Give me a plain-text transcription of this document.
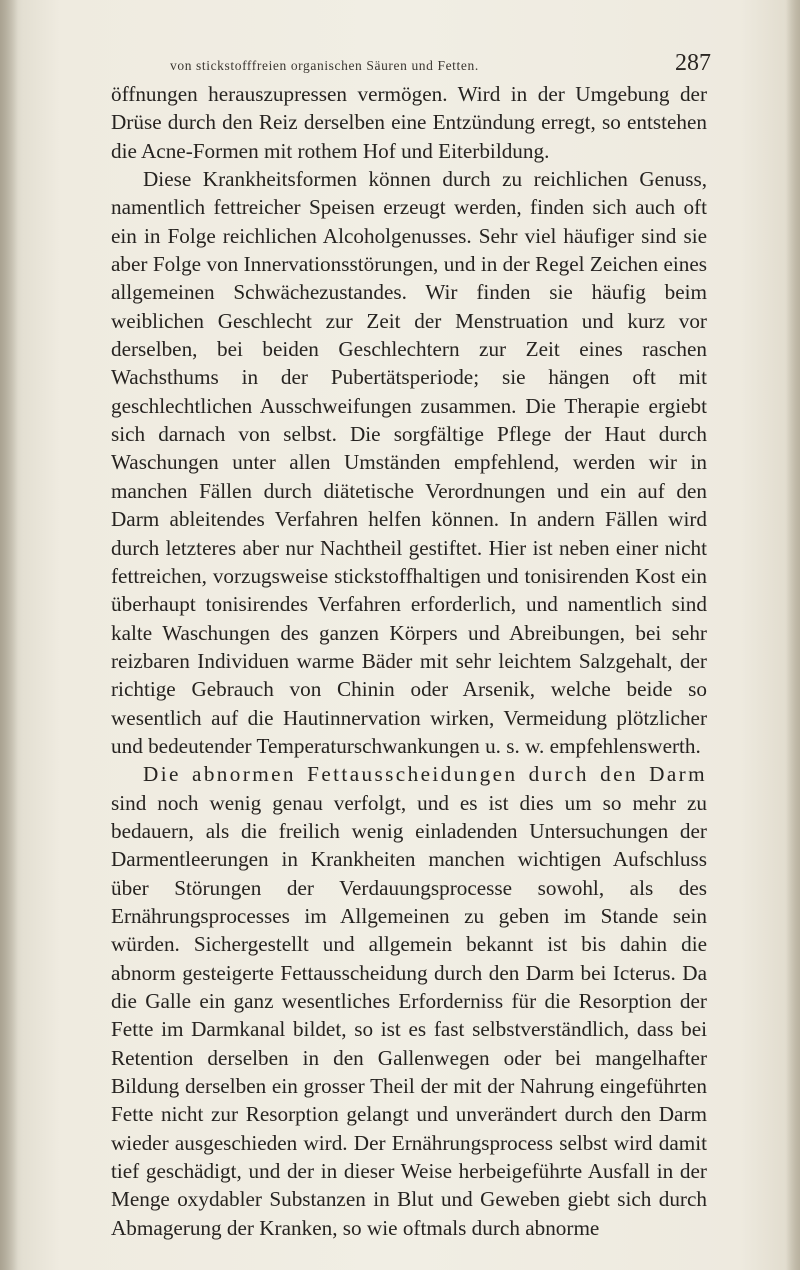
von stickstofffreien organischen Säuren und Fetten.	287

öffnungen herauszupressen vermögen. Wird in der Umgebung der Drüse durch den Reiz derselben eine Entzündung erregt, so entstehen die Acne-Formen mit rothem Hof und Eiterbildung.

Diese Krankheitsformen können durch zu reichlichen Genuss, namentlich fettreicher Speisen erzeugt werden, finden sich auch oft ein in Folge reichlichen Alcoholgenusses. Sehr viel häufiger sind sie aber Folge von Innervationsstörungen, und in der Regel Zeichen eines allgemeinen Schwächezustandes. Wir finden sie häufig beim weiblichen Geschlecht zur Zeit der Menstruation und kurz vor derselben, bei beiden Geschlechtern zur Zeit eines raschen Wachsthums in der Pubertätsperiode; sie hängen oft mit geschlechtlichen Ausschweifungen zusammen. Die Therapie ergiebt sich darnach von selbst. Die sorgfältige Pflege der Haut durch Waschungen unter allen Umständen empfehlend, werden wir in manchen Fällen durch diätetische Verordnungen und ein auf den Darm ableitendes Verfahren helfen können. In andern Fällen wird durch letzteres aber nur Nachtheil gestiftet. Hier ist neben einer nicht fettreichen, vorzugsweise stickstoffhaltigen und tonisirenden Kost ein überhaupt tonisirendes Verfahren erforderlich, und namentlich sind kalte Waschungen des ganzen Körpers und Abreibungen, bei sehr reizbaren Individuen warme Bäder mit sehr leichtem Salzgehalt, der richtige Gebrauch von Chinin oder Arsenik, welche beide so wesentlich auf die Hautinnervation wirken, Vermeidung plötzlicher und bedeutender Temperaturschwankungen u. s. w. empfehlenswerth.

Die abnormen Fettausscheidungen durch den Darm sind noch wenig genau verfolgt, und es ist dies um so mehr zu bedauern, als die freilich wenig einladenden Untersuchungen der Darmentleerungen in Krankheiten manchen wichtigen Aufschluss über Störungen der Verdauungsprocesse sowohl, als des Ernährungsprocesses im Allgemeinen zu geben im Stande sein würden. Sichergestellt und allgemein bekannt ist bis dahin die abnorm gesteigerte Fettausscheidung durch den Darm bei Icterus. Da die Galle ein ganz wesentliches Erforderniss für die Resorption der Fette im Darmkanal bildet, so ist es fast selbstverständlich, dass bei Retention derselben in den Gallenwegen oder bei mangelhafter Bildung derselben ein grosser Theil der mit der Nahrung eingeführten Fette nicht zur Resorption gelangt und unverändert durch den Darm wieder ausgeschieden wird. Der Ernährungsprocess selbst wird damit tief geschädigt, und der in dieser Weise herbeigeführte Ausfall in der Menge oxydabler Substanzen in Blut und Geweben giebt sich durch Abmagerung der Kranken, so wie oftmals durch abnorme
